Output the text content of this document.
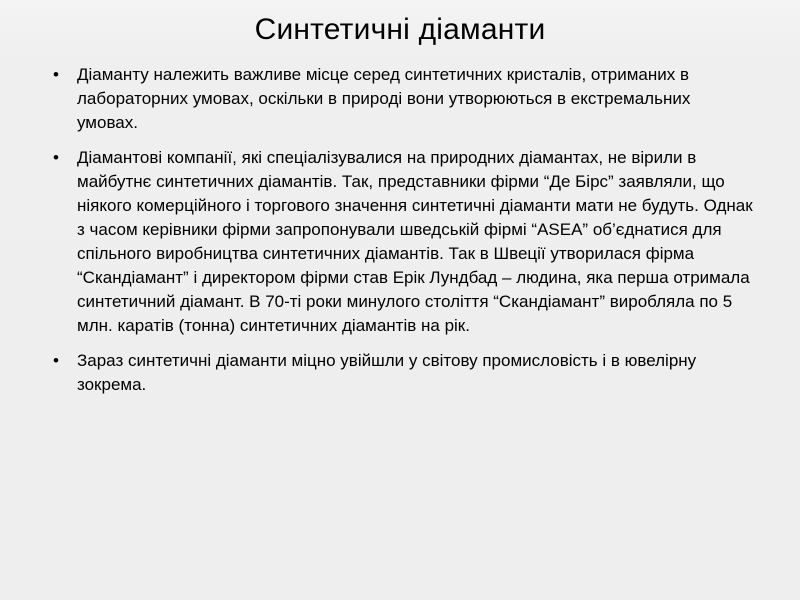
Синтетичні діаманти
•	Діаманту належить важливе місце серед синтетичних кристалів, отриманих в лабораторних умовах, оскільки в природі вони утворюються в екстремальних умовах.
•	Діамантові компанії, які спеціалізувалися на природних діамантах, не вірили в майбутнє синтетичних діамантів. Так, представники фірми “Де Бірс” заявляли, що ніякого комерційного і торгового значення синтетичні діаманти мати не будуть. Однак з часом керівники фірми запропонували шведській фірмі “ASEA” об’єднатися для спільного виробництва синтетичних діамантів. Так в Швеції утворилася фірма “Скандіамант” і директором фірми став Ерік Лундбад – людина, яка перша отримала синтетичний діамант. В 70-ті роки минулого століття “Скандіамант” виробляла по 5 млн. каратів (тонна) синтетичних діамантів на рік.
•	Зараз синтетичні діаманти міцно увійшли у світову промисловість і в ювелірну зокрема.
